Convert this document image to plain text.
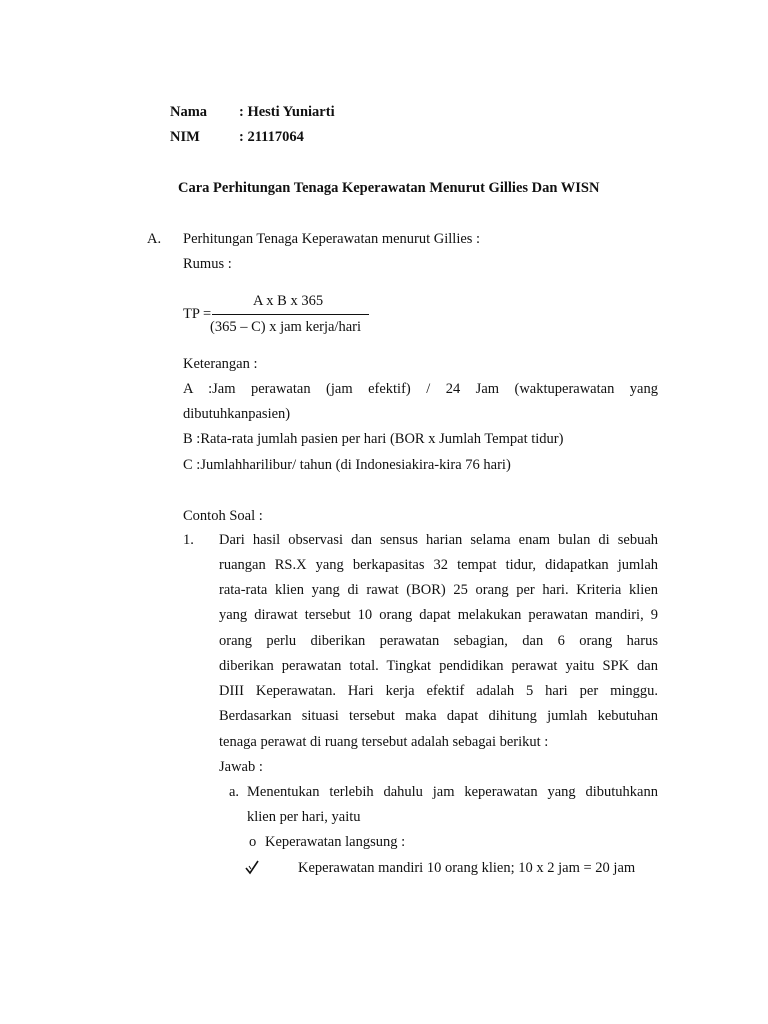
Nama : Hesti Yuniarti
NIM	: 21117064
Cara Perhitungan Tenaga Keperawatan Menurut Gillies Dan WISN
A. Perhitungan Tenaga Keperawatan menurut Gillies :
Rumus :
A x B x 365
TP =
(365 – C) x jam kerja/hari
Keterangan :
A :Jam perawatan (jam efektif) / 24 Jam (waktuperawatan yang
dibutuhkanpasien)
B :Rata-rata jumlah pasien per hari (BOR x Jumlah Tempat tidur)
C :Jumlahharilibur/ tahun (di Indonesiakira-kira 76 hari)
Contoh Soal :
1. Dari hasil observasi dan sensus harian selama enam bulan di sebuah
ruangan RS.X yang berkapasitas 32 tempat tidur, didapatkan jumlah
rata-rata klien yang di rawat (BOR) 25 orang per hari. Kriteria klien
yang dirawat tersebut 10 orang dapat melakukan perawatan mandiri, 9
orang perlu diberikan perawatan sebagian, dan 6 orang harus
diberikan perawatan total. Tingkat pendidikan perawat yaitu SPK dan
DIII Keperawatan. Hari kerja efektif adalah 5 hari per minggu.
Berdasarkan situasi tersebut maka dapat dihitung jumlah kebutuhan
tenaga perawat di ruang tersebut adalah sebagai berikut :
Jawab :
a. Menentukan terlebih dahulu jam keperawatan yang dibutuhkann
klien per hari, yaitu
o Keperawatan langsung :
Keperawatan mandiri 10 orang klien; 10 x 2 jam = 20 jam
